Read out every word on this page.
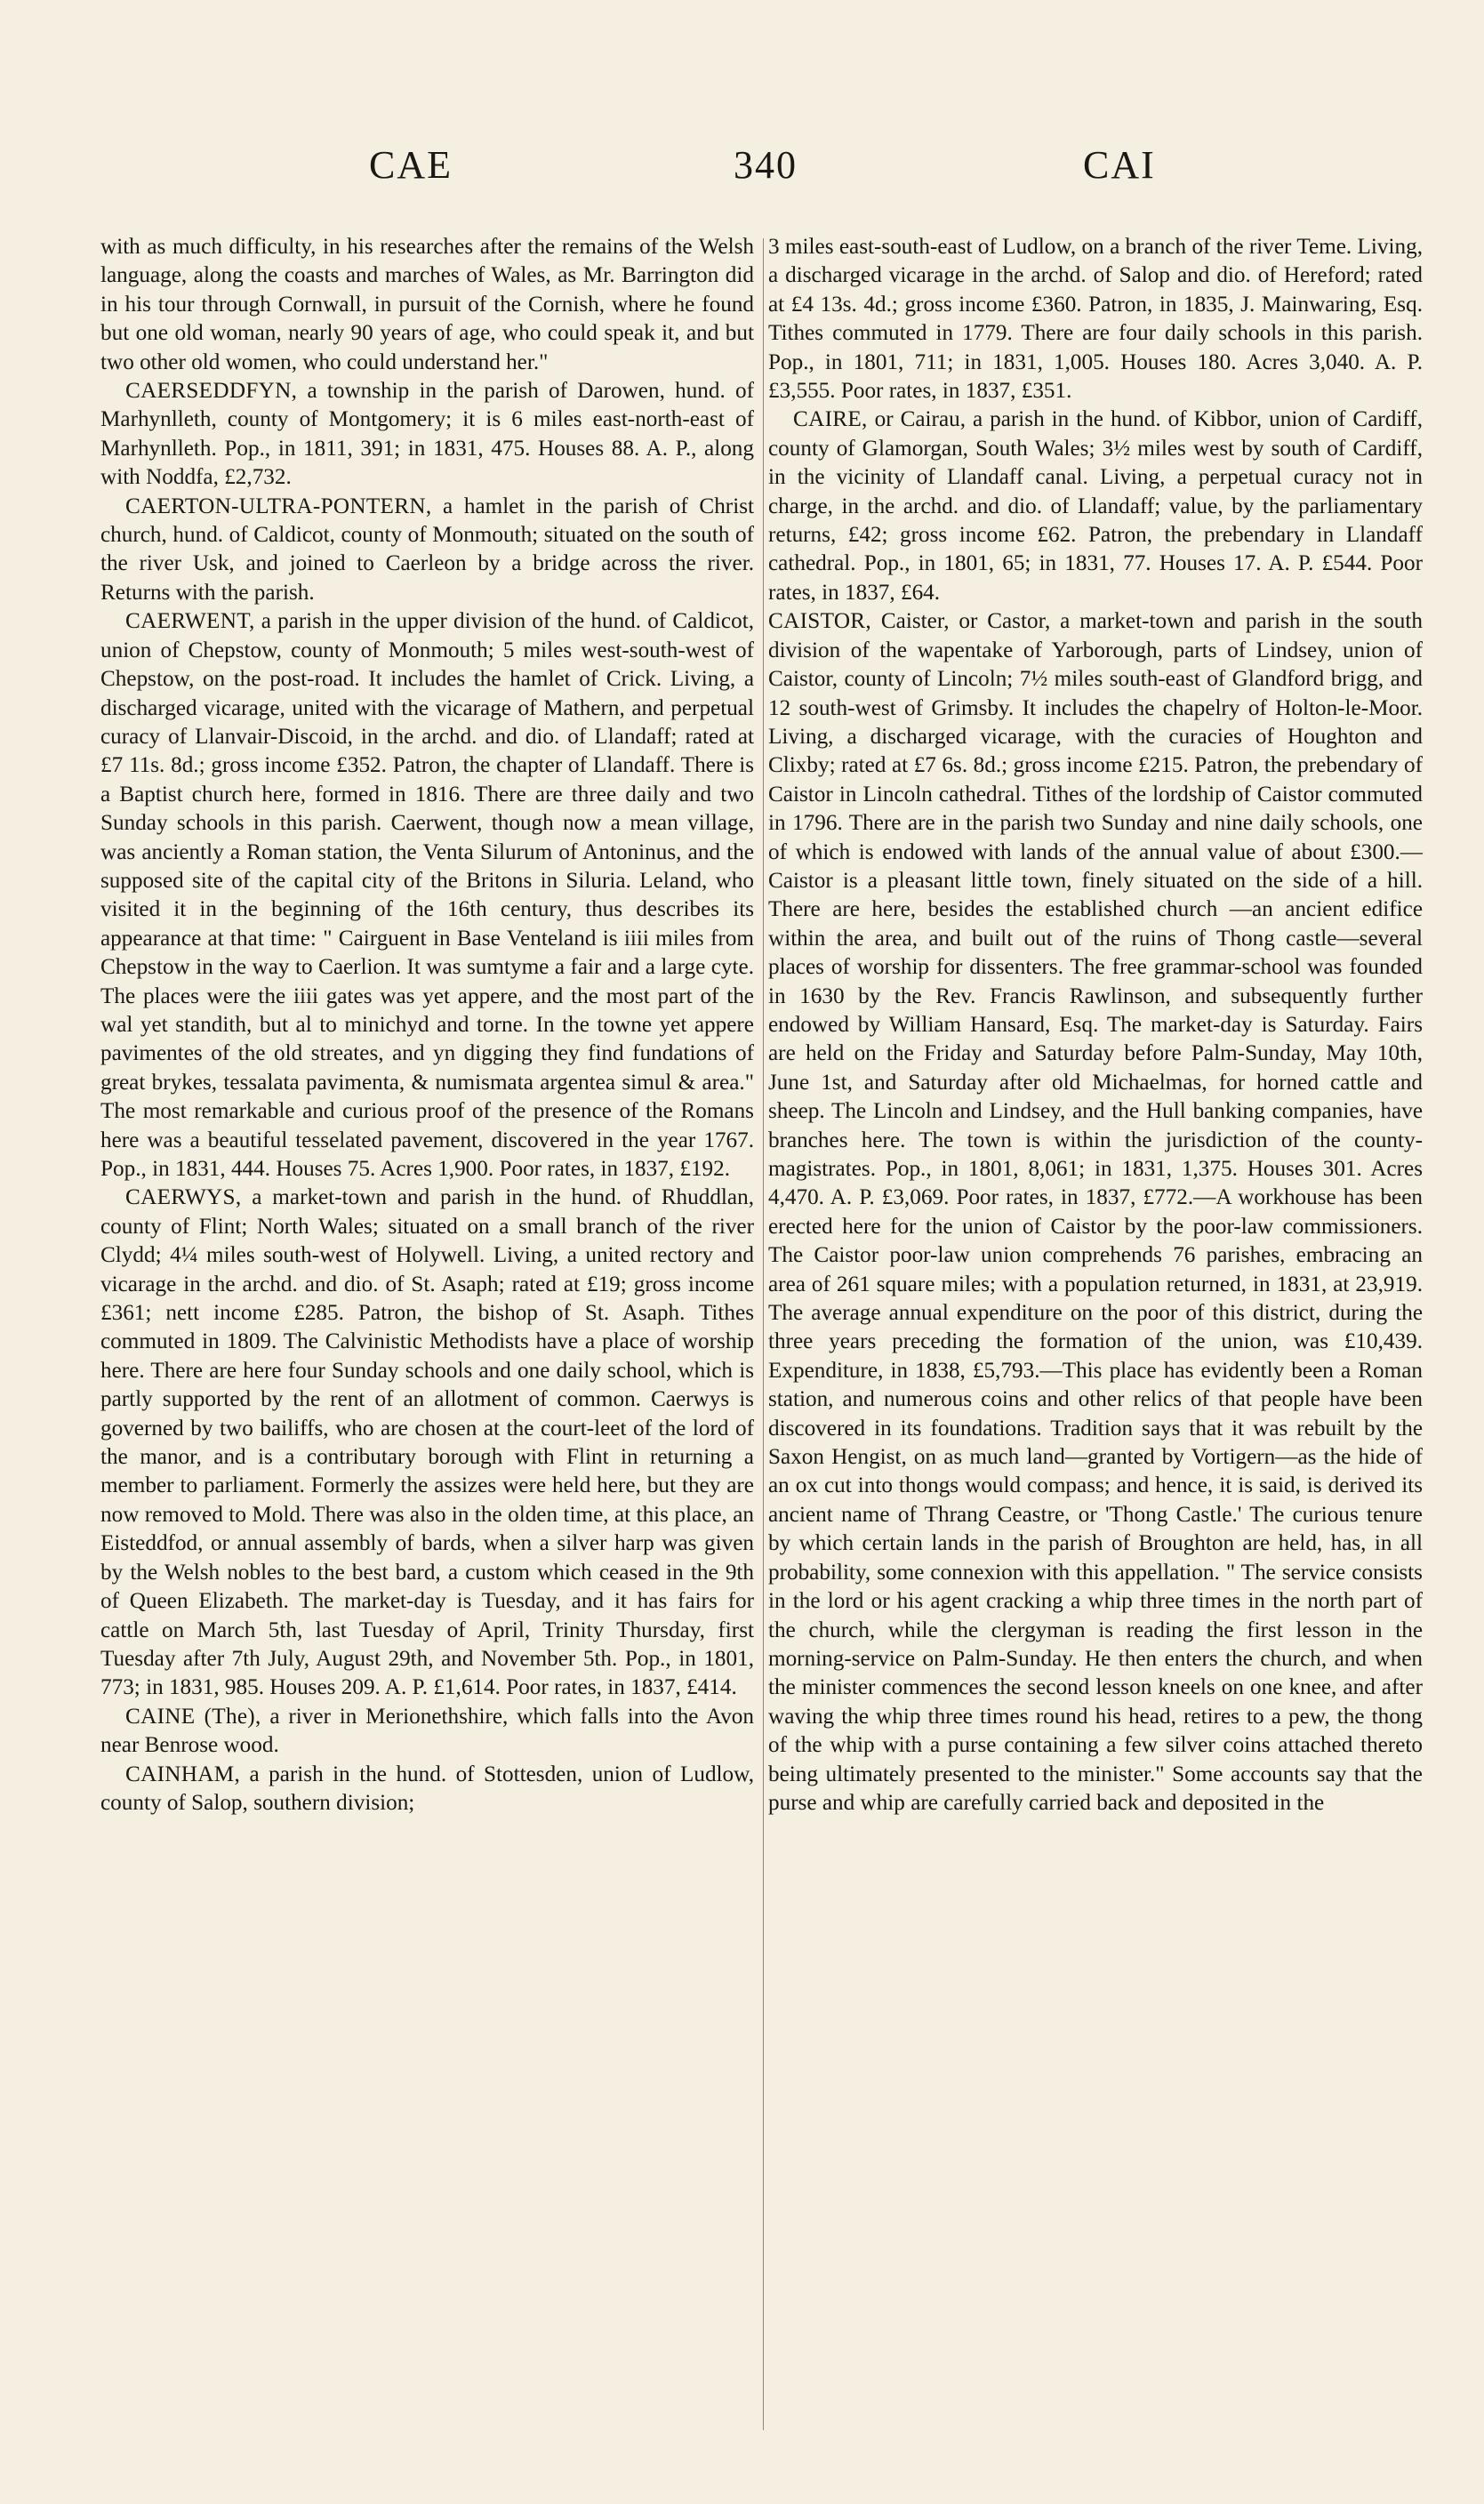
CAE	340	CAI

with as much difficulty, in his researches after the remains of the Welsh language, along the coasts and marches of Wales, as Mr. Barrington did in his tour through Cornwall, in pursuit of the Cornish, where he found but one old woman, nearly 90 years of age, who could speak it, and but two other old women, who could understand her."

CAERSEDDFYN, a township in the parish of Darowen, hund. of Marhynlleth, county of Montgomery; it is 6 miles east-north-east of Marhynlleth. Pop., in 1811, 391; in 1831, 475. Houses 88. A. P., along with Noddfa, £2,732.

CAERTON-ULTRA-PONTERN, a hamlet in the parish of Christ church, hund. of Caldicot, county of Monmouth; situated on the south of the river Usk, and joined to Caerleon by a bridge across the river. Returns with the parish.

CAERWENT, a parish in the upper division of the hund. of Caldicot, union of Chepstow, county of Monmouth; 5 miles west-south-west of Chepstow, on the post-road. It includes the hamlet of Crick. Living, a discharged vicarage, united with the vicarage of Mathern, and perpetual curacy of Llanvair-Discoid, in the archd. and dio. of Llandaff; rated at £7 11s. 8d.; gross income £352. Patron, the chapter of Llandaff. There is a Baptist church here, formed in 1816. There are three daily and two Sunday schools in this parish. Caerwent, though now a mean village, was anciently a Roman station, the Venta Silurum of Antoninus, and the supposed site of the capital city of the Britons in Siluria. Leland, who visited it in the beginning of the 16th century, thus describes its appearance at that time: " Cairguent in Base Venteland is iiii miles from Chepstow in the way to Caerlion. It was sumtyme a fair and a large cyte. The places were the iiii gates was yet appere, and the most part of the wal yet standith, but al to minichyd and torne. In the towne yet appere pavimentes of the old streates, and yn digging they find fundations of great brykes, tessalata pavimenta, & numismata argentea simul & area." The most remarkable and curious proof of the presence of the Romans here was a beautiful tesselated pavement, discovered in the year 1767. Pop., in 1831, 444. Houses 75. Acres 1,900. Poor rates, in 1837, £192.

CAERWYS, a market-town and parish in the hund. of Rhuddlan, county of Flint; North Wales; situated on a small branch of the river Clydd; 4¼ miles south-west of Holywell. Living, a united rectory and vicarage in the archd. and dio. of St. Asaph; rated at £19; gross income £361; nett income £285. Patron, the bishop of St. Asaph. Tithes commuted in 1809. The Calvinistic Methodists have a place of worship here. There are here four Sunday schools and one daily school, which is partly supported by the rent of an allotment of common. Caerwys is governed by two bailiffs, who are chosen at the court-leet of the lord of the manor, and is a contributary borough with Flint in returning a member to parliament. Formerly the assizes were held here, but they are now removed to Mold. There was also in the olden time, at this place, an Eisteddfod, or annual assembly of bards, when a silver harp was given by the Welsh nobles to the best bard, a custom which ceased in the 9th of Queen Elizabeth. The market-day is Tuesday, and it has fairs for cattle on March 5th, last Tuesday of April, Trinity Thursday, first Tuesday after 7th July, August 29th, and November 5th. Pop., in 1801, 773; in 1831, 985. Houses 209. A. P. £1,614. Poor rates, in 1837, £414.

CAINE (The), a river in Merionethshire, which falls into the Avon near Benrose wood.

CAINHAM, a parish in the hund. of Stottesden, union of Ludlow, county of Salop, southern division;

3 miles east-south-east of Ludlow, on a branch of the river Teme. Living, a discharged vicarage in the archd. of Salop and dio. of Hereford; rated at £4 13s. 4d.; gross income £360. Patron, in 1835, J. Mainwaring, Esq. Tithes commuted in 1779. There are four daily schools in this parish. Pop., in 1801, 711; in 1831, 1,005. Houses 180. Acres 3,040. A. P. £3,555. Poor rates, in 1837, £351.

CAIRE, or Cairau, a parish in the hund. of Kibbor, union of Cardiff, county of Glamorgan, South Wales; 3½ miles west by south of Cardiff, in the vicinity of Llandaff canal. Living, a perpetual curacy not in charge, in the archd. and dio. of Llandaff; value, by the parliamentary returns, £42; gross income £62. Patron, the prebendary in Llandaff cathedral. Pop., in 1801, 65; in 1831, 77. Houses 17. A. P. £544. Poor rates, in 1837, £64.

CAISTOR, Caister, or Castor, a market-town and parish in the south division of the wapentake of Yarborough, parts of Lindsey, union of Caistor, county of Lincoln; 7½ miles south-east of Glandford brigg, and 12 south-west of Grimsby. It includes the chapelry of Holton-le-Moor. Living, a discharged vicarage, with the curacies of Houghton and Clixby; rated at £7 6s. 8d.; gross income £215. Patron, the prebendary of Caistor in Lincoln cathedral. Tithes of the lordship of Caistor commuted in 1796. There are in the parish two Sunday and nine daily schools, one of which is endowed with lands of the annual value of about £300.—Caistor is a pleasant little town, finely situated on the side of a hill. There are here, besides the established church —an ancient edifice within the area, and built out of the ruins of Thong castle—several places of worship for dissenters. The free grammar-school was founded in 1630 by the Rev. Francis Rawlinson, and subsequently further endowed by William Hansard, Esq. The market-day is Saturday. Fairs are held on the Friday and Saturday before Palm-Sunday, May 10th, June 1st, and Saturday after old Michaelmas, for horned cattle and sheep. The Lincoln and Lindsey, and the Hull banking companies, have branches here. The town is within the jurisdiction of the county-magistrates. Pop., in 1801, 8,061; in 1831, 1,375. Houses 301. Acres 4,470. A. P. £3,069. Poor rates, in 1837, £772.—A workhouse has been erected here for the union of Caistor by the poor-law commissioners. The Caistor poor-law union comprehends 76 parishes, embracing an area of 261 square miles; with a population returned, in 1831, at 23,919. The average annual expenditure on the poor of this district, during the three years preceding the formation of the union, was £10,439. Expenditure, in 1838, £5,793.—This place has evidently been a Roman station, and numerous coins and other relics of that people have been discovered in its foundations. Tradition says that it was rebuilt by the Saxon Hengist, on as much land—granted by Vortigern—as the hide of an ox cut into thongs would compass; and hence, it is said, is derived its ancient name of Thrang Ceastre, or 'Thong Castle.' The curious tenure by which certain lands in the parish of Broughton are held, has, in all probability, some connexion with this appellation. " The service consists in the lord or his agent cracking a whip three times in the north part of the church, while the clergyman is reading the first lesson in the morning-service on Palm-Sunday. He then enters the church, and when the minister commences the second lesson kneels on one knee, and after waving the whip three times round his head, retires to a pew, the thong of the whip with a purse containing a few silver coins attached thereto being ultimately presented to the minister." Some accounts say that the purse and whip are carefully carried back and deposited in the
